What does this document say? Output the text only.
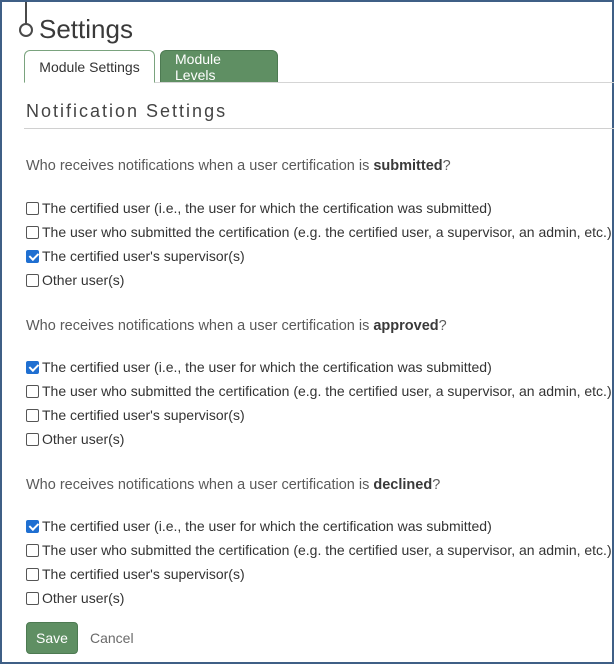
Settings
Module Settings	Module Levels
Notification Settings
Who receives notifications when a user certification is submitted?
The certified user (i.e., the user for which the certification was submitted)
The user who submitted the certification (e.g. the certified user, a supervisor, an admin, etc.)
The certified user's supervisor(s)
Other user(s)
Who receives notifications when a user certification is approved?
The certified user (i.e., the user for which the certification was submitted)
The user who submitted the certification (e.g. the certified user, a supervisor, an admin, etc.)
The certified user's supervisor(s)
Other user(s)
Who receives notifications when a user certification is declined?
The certified user (i.e., the user for which the certification was submitted)
The user who submitted the certification (e.g. the certified user, a supervisor, an admin, etc.)
The certified user's supervisor(s)
Other user(s)
Save	Cancel
